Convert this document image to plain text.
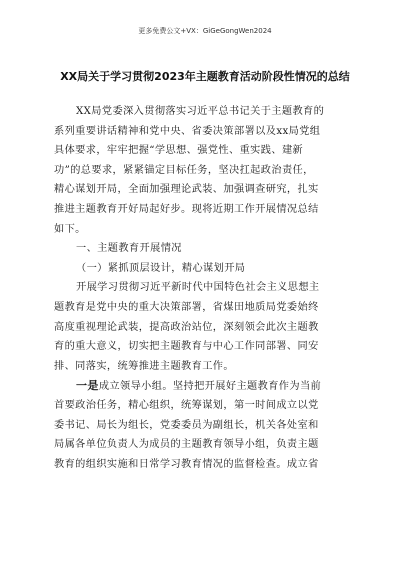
更多免费公文+VX：GiGeGongWen2024
XX局关于学习贯彻2023年主题教育活动阶段性情况的总结
XX局党委深入贯彻落实习近平总书记关于主题教育的
系列重要讲话精神和党中央、省委决策部署以及xx局党组
具体要求，牢牢把握“学思想、强党性、重实践、建新
功”的总要求，紧紧锚定目标任务，坚决扛起政治责任，
精心谋划开局，全面加强理论武装、加强调查研究，扎实
推进主题教育开好局起好步。现将近期工作开展情况总结
如下。
一、主题教育开展情况
（一）紧抓顶层设计，精心谋划开局
开展学习贯彻习近平新时代中国特色社会主义思想主
题教育是党中央的重大决策部署，省煤田地质局党委始终
高度重视理论武装，提高政治站位，深刻领会此次主题教
育的重大意义，切实把主题教育与中心工作同部署、同安
排、同落实，统筹推进主题教育工作。
一是成立领导小组。坚持把开展好主题教育作为当前
首要政治任务，精心组织，统筹谋划，第一时间成立以党
委书记、局长为组长，党委委员为副组长，机关各处室和
局属各单位负责人为成员的主题教育领导小组，负责主题
教育的组织实施和日常学习教育情况的监督检查。成立省
